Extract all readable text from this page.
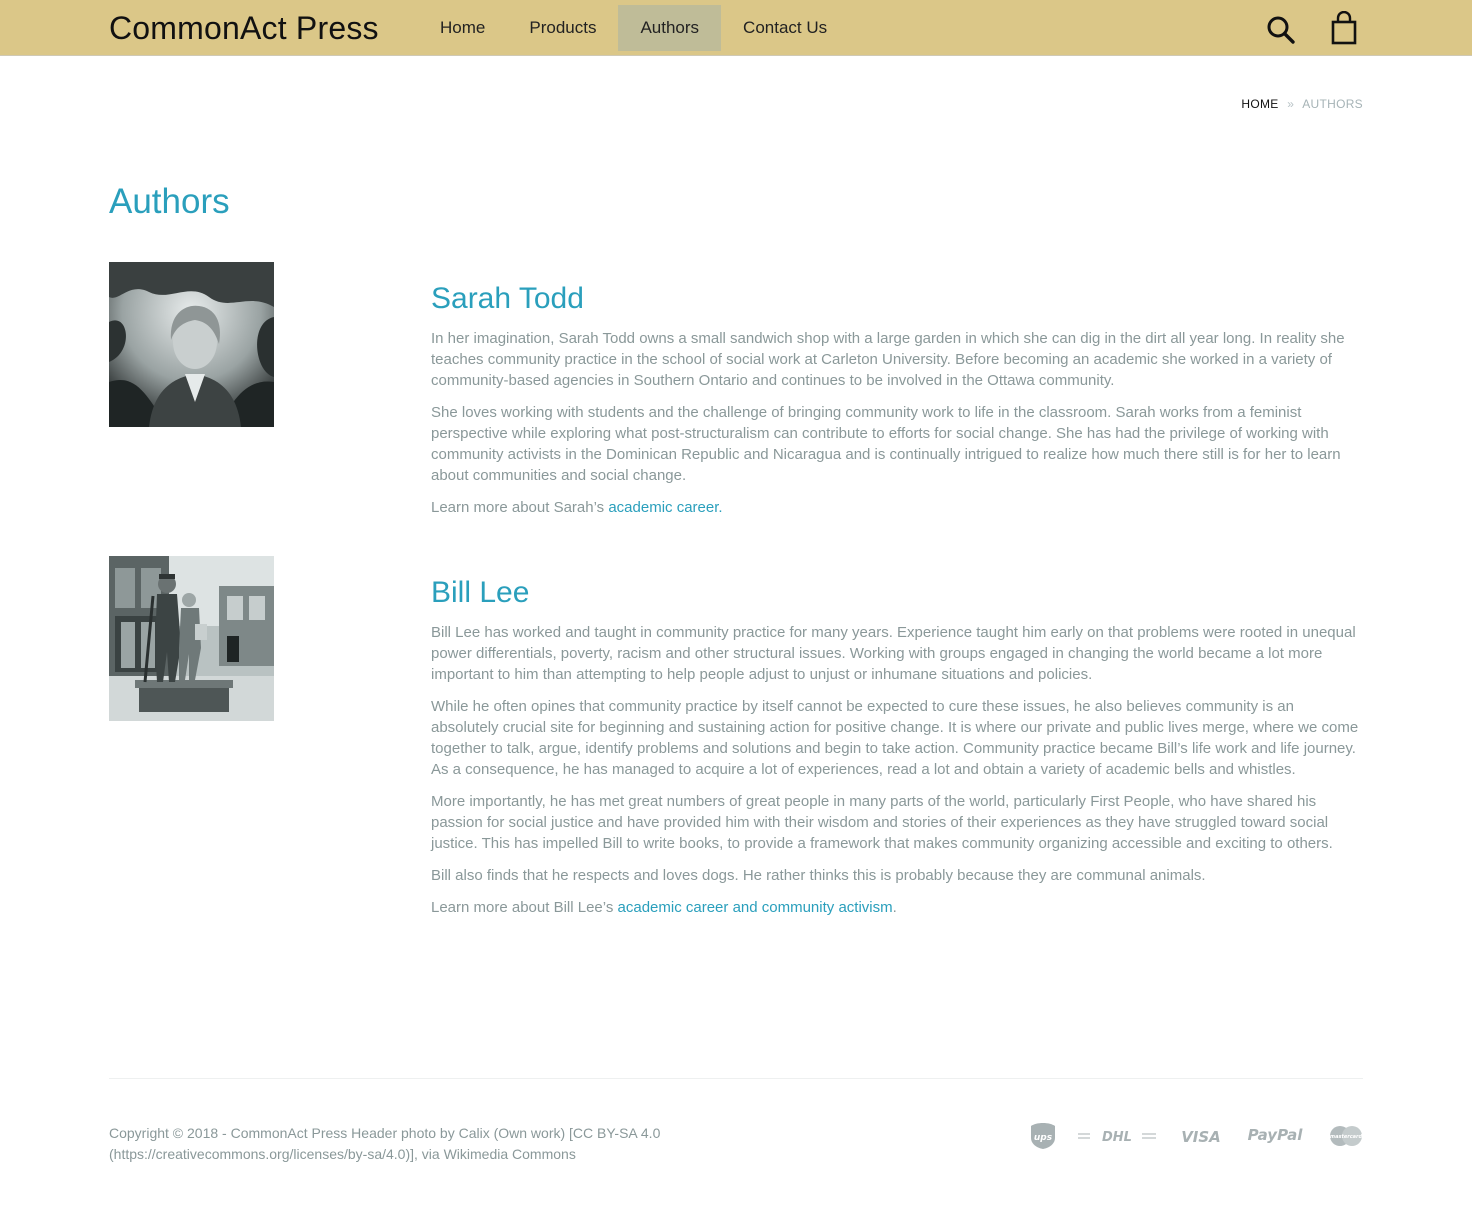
CommonAct Press	Home	Products	Authors	Contact Us
HOME » AUTHORS
Authors
Sarah Todd

In her imagination, Sarah Todd owns a small sandwich shop with a large garden in which she can dig in the dirt all year long. In reality she teaches community practice in the school of social work at Carleton University. Before becoming an academic she worked in a variety of community-based agencies in Southern Ontario and continues to be involved in the Ottawa community.

She loves working with students and the challenge of bringing community work to life in the classroom. Sarah works from a feminist perspective while exploring what post-structuralism can contribute to efforts for social change. She has had the privilege of working with community activists in the Dominican Republic and Nicaragua and is continually intrigued to realize how much there still is for her to learn about communities and social change.

Learn more about Sarah’s academic career.

Bill Lee

Bill Lee has worked and taught in community practice for many years. Experience taught him early on that problems were rooted in unequal power differentials, poverty, racism and other structural issues. Working with groups engaged in changing the world became a lot more important to him than attempting to help people adjust to unjust or inhumane situations and policies.

While he often opines that community practice by itself cannot be expected to cure these issues, he also believes community is an absolutely crucial site for beginning and sustaining action for positive change. It is where our private and public lives merge, where we come together to talk, argue, identify problems and solutions and begin to take action. Community practice became Bill’s life work and life journey. As a consequence, he has managed to acquire a lot of experiences, read a lot and obtain a variety of academic bells and whistles.

More importantly, he has met great numbers of great people in many parts of the world, particularly First People, who have shared his passion for social justice and have provided him with their wisdom and stories of their experiences as they have struggled toward social justice. This has impelled Bill to write books, to provide a framework that makes community organizing accessible and exciting to others.

Bill also finds that he respects and loves dogs. He rather thinks this is probably because they are communal animals.

Learn more about Bill Lee’s academic career and community activism.

Copyright © 2018 - CommonAct Press Header photo by Calix (Own work) [CC BY-SA 4.0 (https://creativecommons.org/licenses/by-sa/4.0)], via Wikimedia Commons
ups	DHL	VISA PayPal	mastercard
